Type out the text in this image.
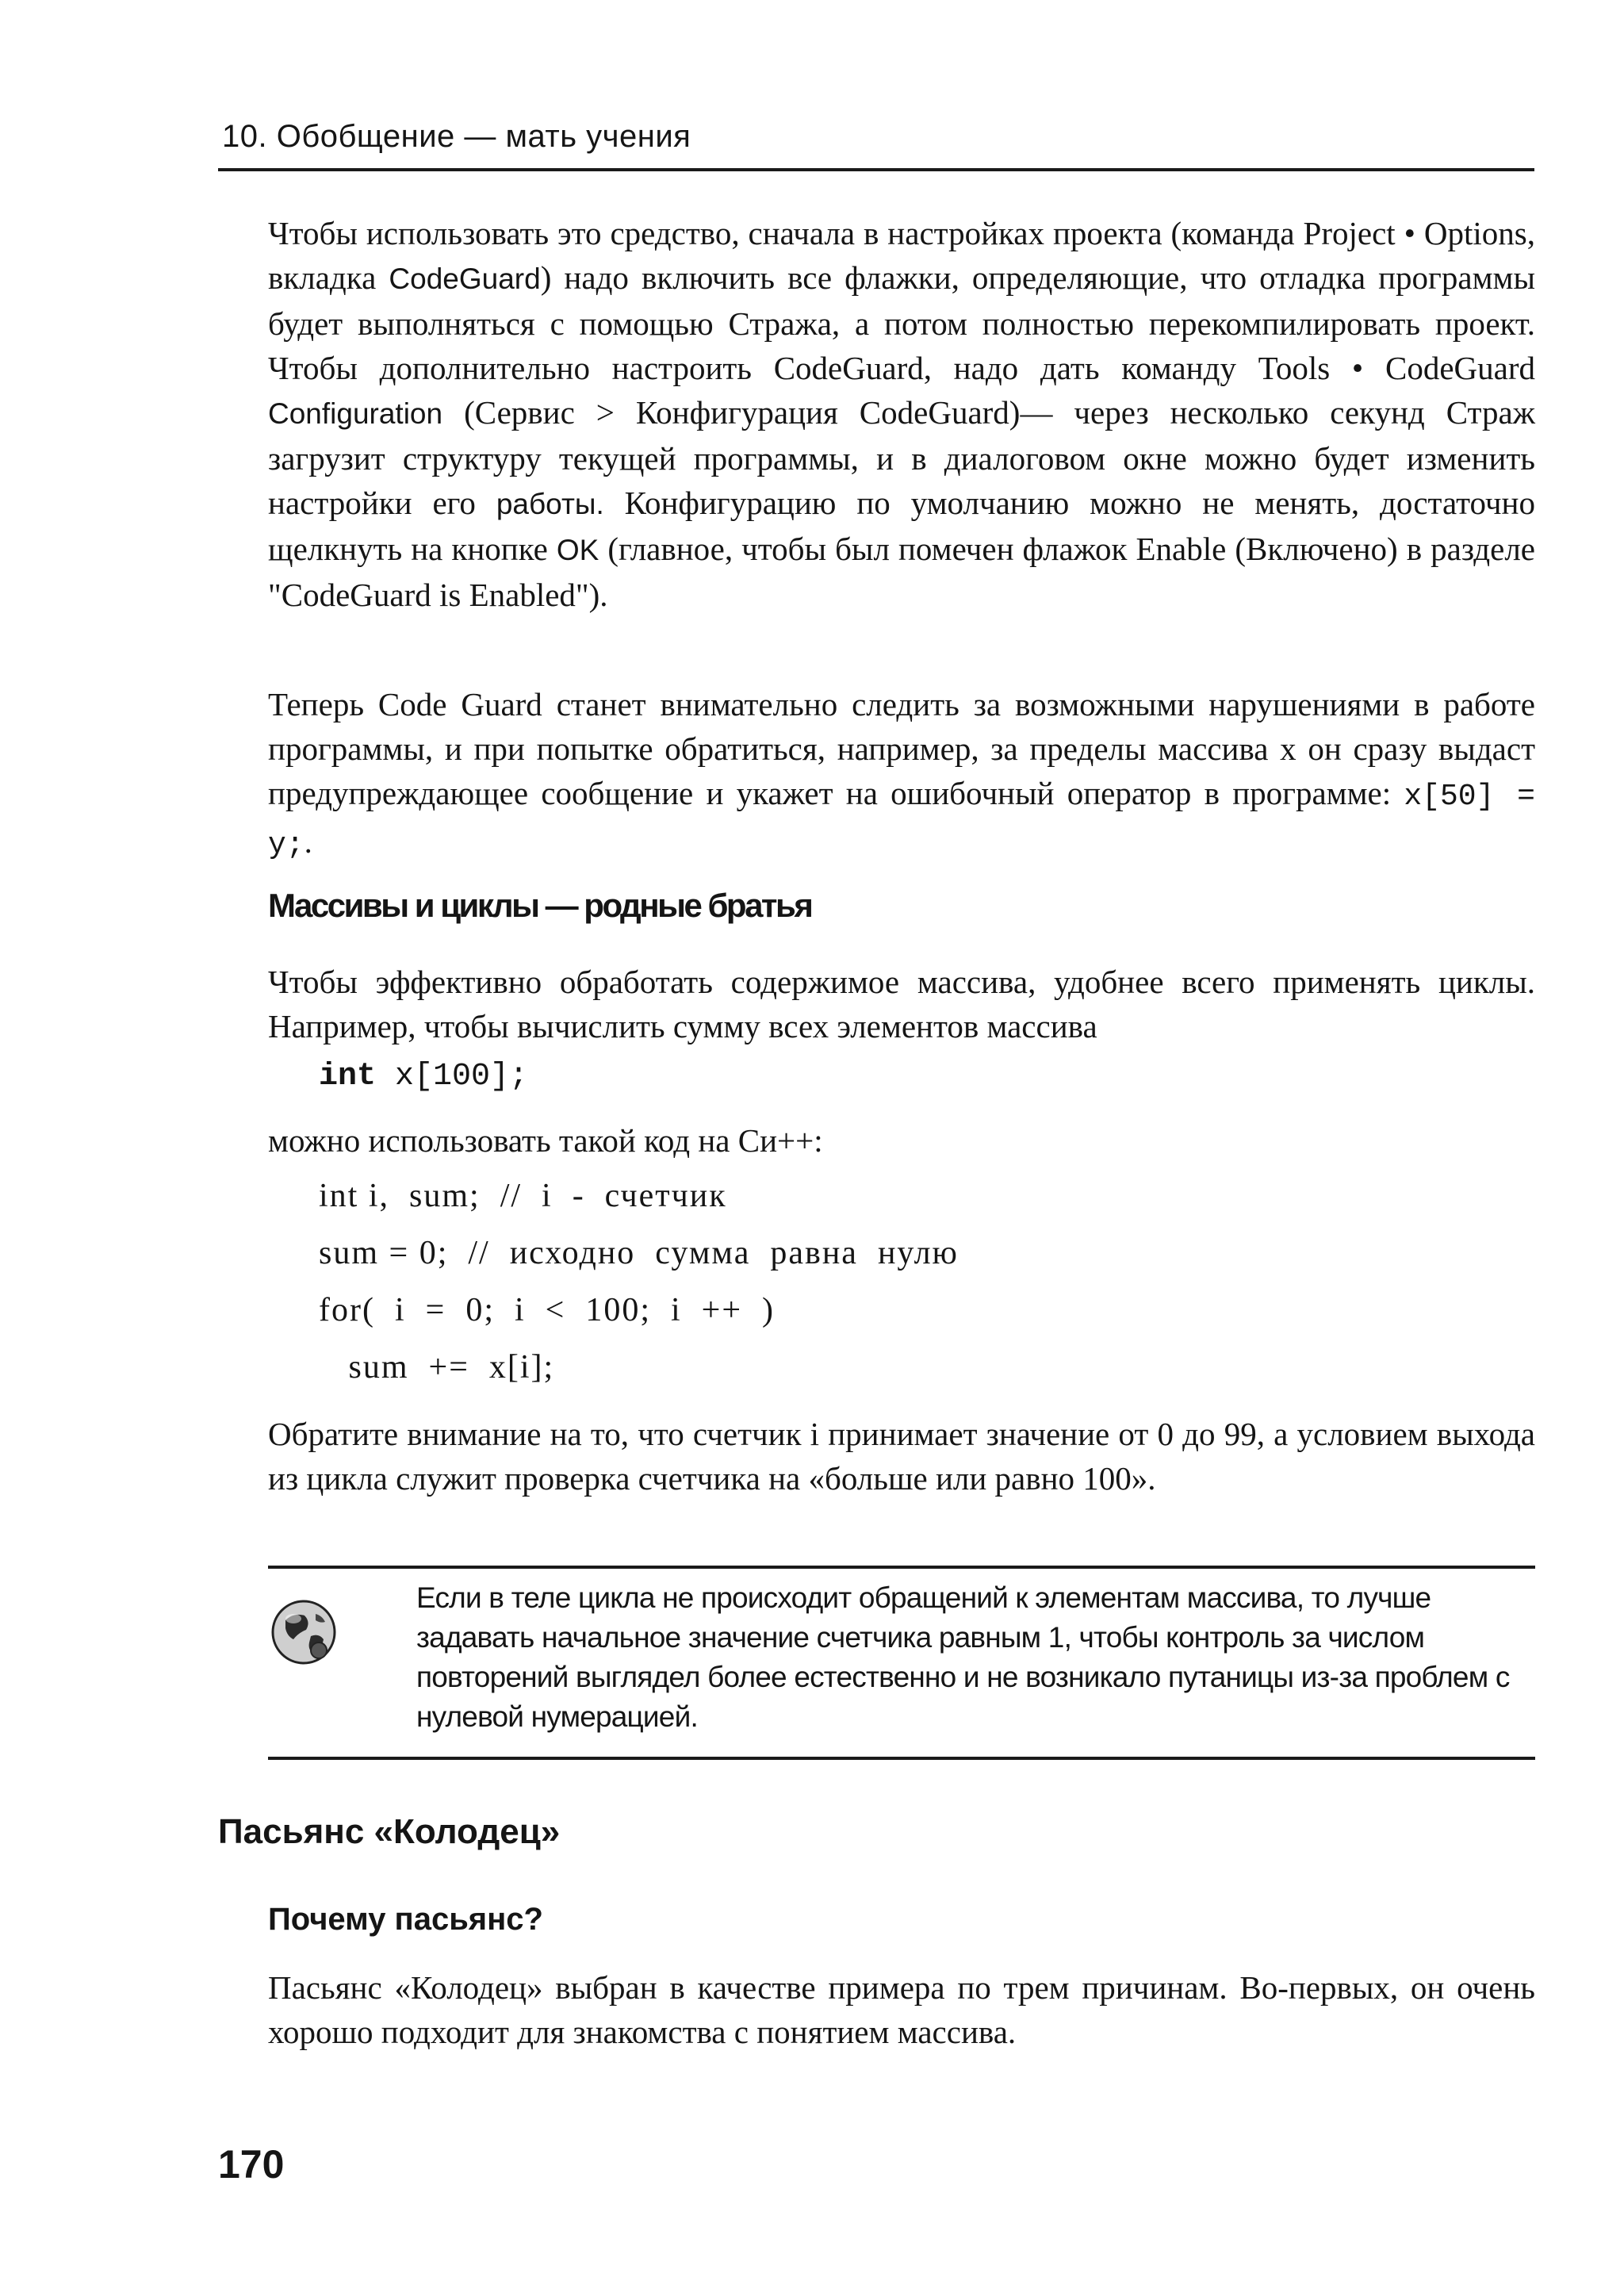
10. Обобщение — мать учения

Чтобы использовать это средство, сначала в настройках проекта (команда Project • Options, вкладка CodeGuard) надо включить все флажки, определяющие, что отладка программы будет выполняться с помощью Стража, а потом полностью перекомпилировать проект. Чтобы дополнительно настроить CodeGuard, надо дать команду Tools • CodeGuard Configuration (Сервис > Конфигурация CodeGuard)— через несколько секунд Страж загрузит структуру текущей программы, и в диалоговом окне можно будет изменить настройки его работы. Конфигурацию по умолчанию можно не менять, достаточно щелкнуть на кнопке OK (главное, чтобы был помечен флажок Enable (Включено) в разделе "CodeGuard is Enabled").

Теперь Code Guard станет внимательно следить за возможными нарушениями в работе программы, и при попытке обратиться, например, за пределы массива x он сразу выдаст предупреждающее сообщение и укажет на ошибочный оператор в программе: x[50] = y;.

Массивы и циклы — родные братья

Чтобы эффективно обработать содержимое массива, удобнее всего применять циклы. Например, чтобы вычислить сумму всех элементов массива

int x[100];

можно использовать такой код на Си++:

int i,  sum;  //  i  -  счетчик

sum = 0;  //  исходно  сумма  равна  нулю

for(  i  =  0;  i  <  100;  i  ++  )

sum  +=  x[i];

Обратите внимание на то, что счетчик i принимает значение от 0 до 99, а условием выхода из цикла служит проверка счетчика на «больше или равно 100».

Если в теле цикла не происходит обращений к элементам массива, то лучше задавать начальное значение счетчика равным 1, чтобы контроль за числом повторений выглядел более естественно и не возникало путаницы из-за проблем с нулевой нумерацией.

Пасьянс «Колодец»
Почему пасьянс?

Пасьянс «Колодец» выбран в качестве примера по трем причинам. Во-первых, он очень хорошо подходит для знакомства с понятием массива.

170
